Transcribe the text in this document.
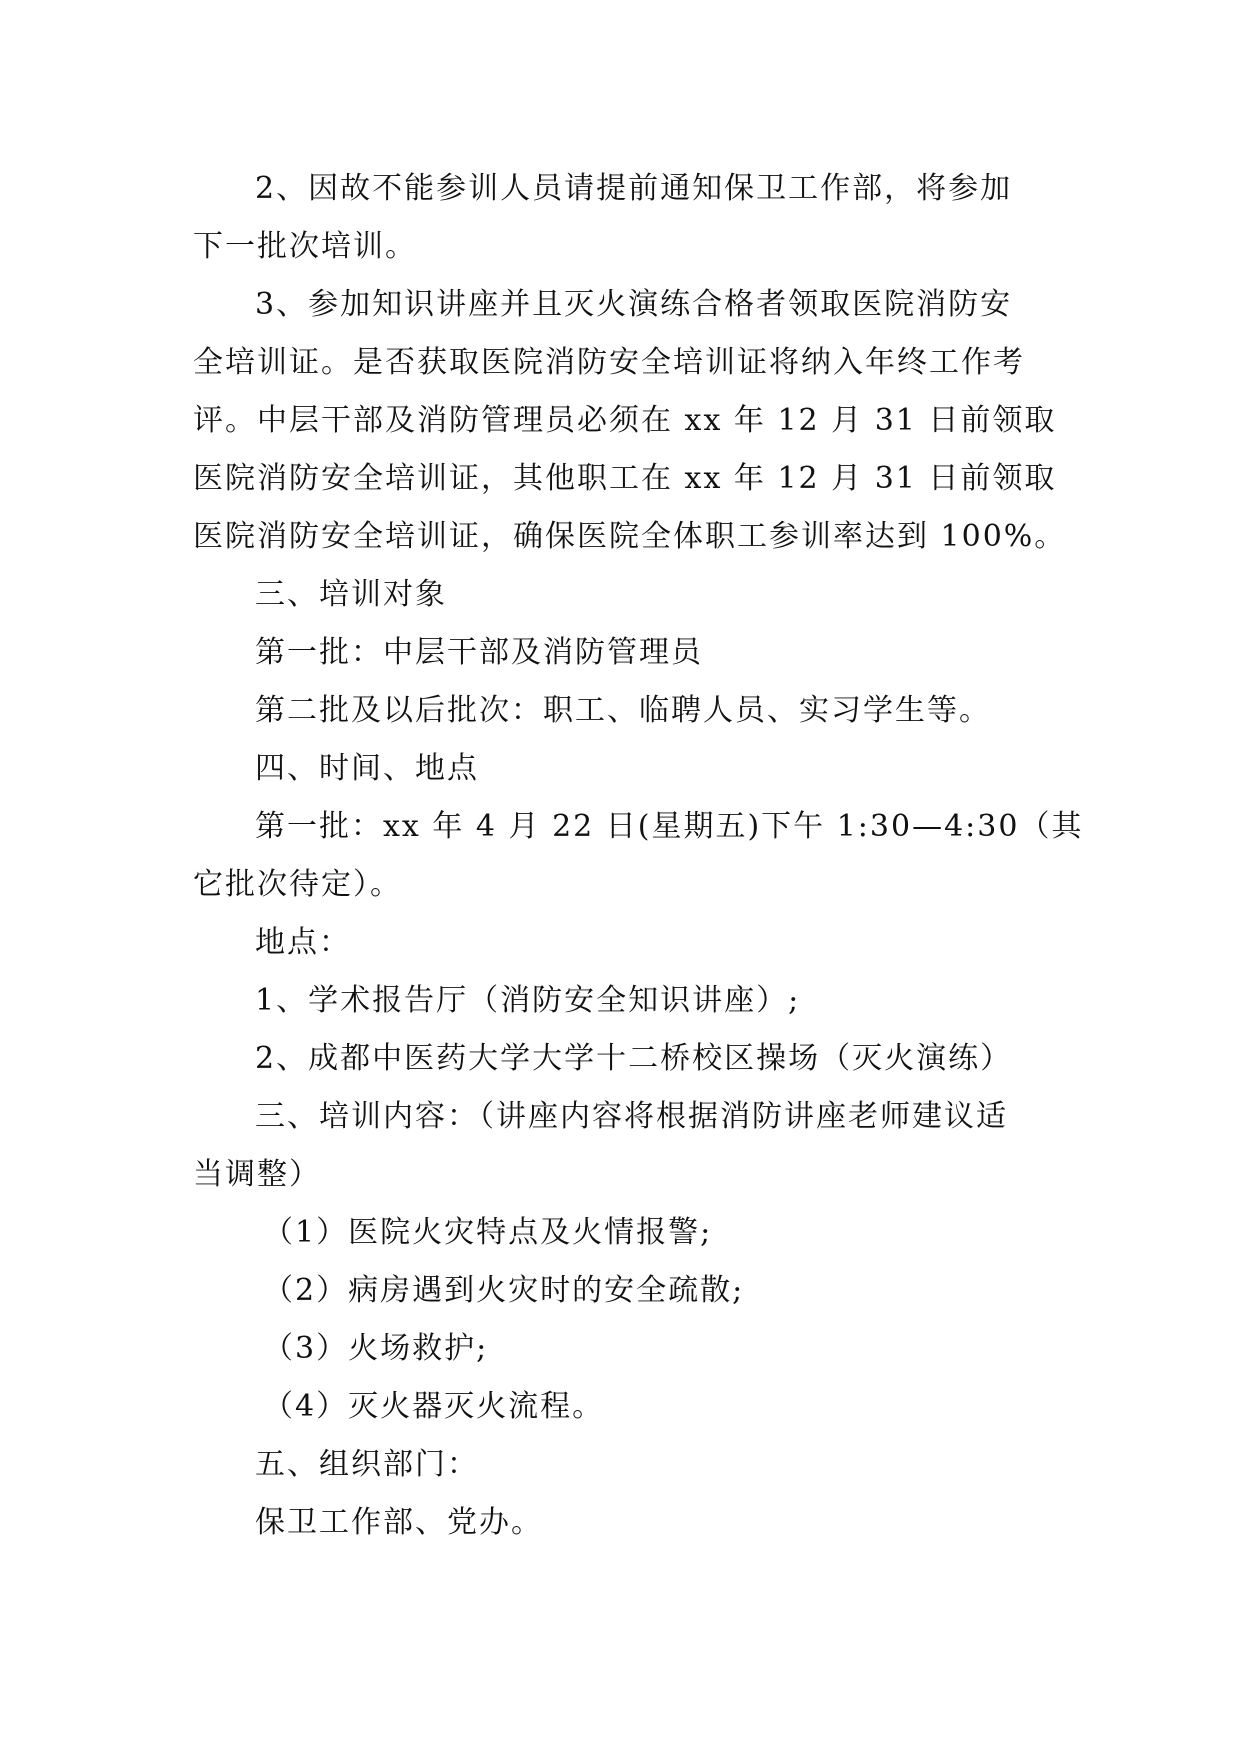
2、因故不能参训人员请提前通知保卫工作部，将参加
下一批次培训。
3、参加知识讲座并且灭火演练合格者领取医院消防安
全培训证。是否获取医院消防安全培训证将纳入年终工作考
评。中层干部及消防管理员必须在 xx 年 12 月 31 日前领取
医院消防安全培训证，其他职工在 xx 年 12 月 31 日前领取
医院消防安全培训证，确保医院全体职工参训率达到 100%。
三、培训对象
第一批：中层干部及消防管理员
第二批及以后批次：职工、临聘人员、实习学生等。
四、时间、地点
第一批：xx 年 4 月 22 日(星期五)下午 1:30—4:30（其
它批次待定）。
地点：
1、学术报告厅（消防安全知识讲座）;
2、成都中医药大学大学十二桥校区操场（灭火演练）
三、培训内容：（讲座内容将根据消防讲座老师建议适
当调整）
（1）医院火灾特点及火情报警;
（2）病房遇到火灾时的安全疏散;
（3）火场救护;
（4）灭火器灭火流程。
五、组织部门：
保卫工作部、党办。
